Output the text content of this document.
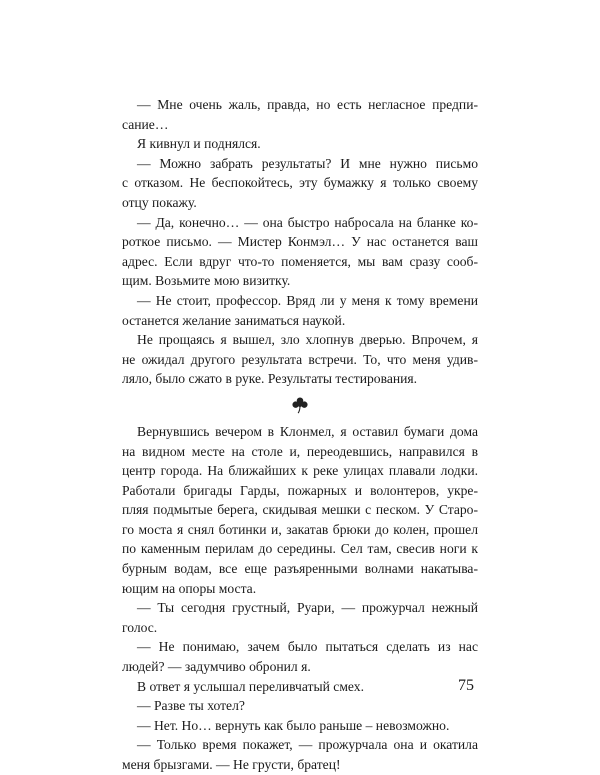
— Мне очень жаль, правда, но есть негласное предпи-
сание…

Я кивнул и поднялся.

— Можно забрать результаты? И мне нужно письмо
с отказом. Не беспокойтесь, эту бумажку я только своему
отцу покажу.

— Да, конечно… — она быстро набросала на бланке ко-
роткое письмо. — Мистер Конмэл… У нас останется ваш
адрес. Если вдруг что-то поменяется, мы вам сразу сооб-
щим. Возьмите мою визитку.

— Не стоит, профессор. Вряд ли у меня к тому времени
останется желание заниматься наукой.

Не прощаясь я вышел, зло хлопнув дверью. Впрочем, я
не ожидал другого результата встречи. То, что меня удив-
ляло, было сжато в руке. Результаты тестирования.

Вернувшись вечером в Клонмел, я оставил бумаги дома
на видном месте на столе и, переодевшись, направился в
центр города. На ближайших к реке улицах плавали лодки.
Работали бригады Гарды, пожарных и волонтеров, укре-
пляя подмытые берега, скидывая мешки с песком. У Старо-
го моста я снял ботинки и, закатав брюки до колен, прошел
по каменным перилам до середины. Сел там, свесив ноги к
бурным водам, все еще разъяренными волнами накатыва-
ющим на опоры моста.

— Ты сегодня грустный, Руари, — прожурчал нежный
голос.

— Не понимаю, зачем было пытаться сделать из нас
людей? — задумчиво обронил я.

В ответ я услышал переливчатый смех.

— Разве ты хотел?

— Нет. Но… вернуть как было раньше – невозможно.

— Только время покажет, — прожурчала она и окатила
меня брызгами. — Не грусти, братец!

75
